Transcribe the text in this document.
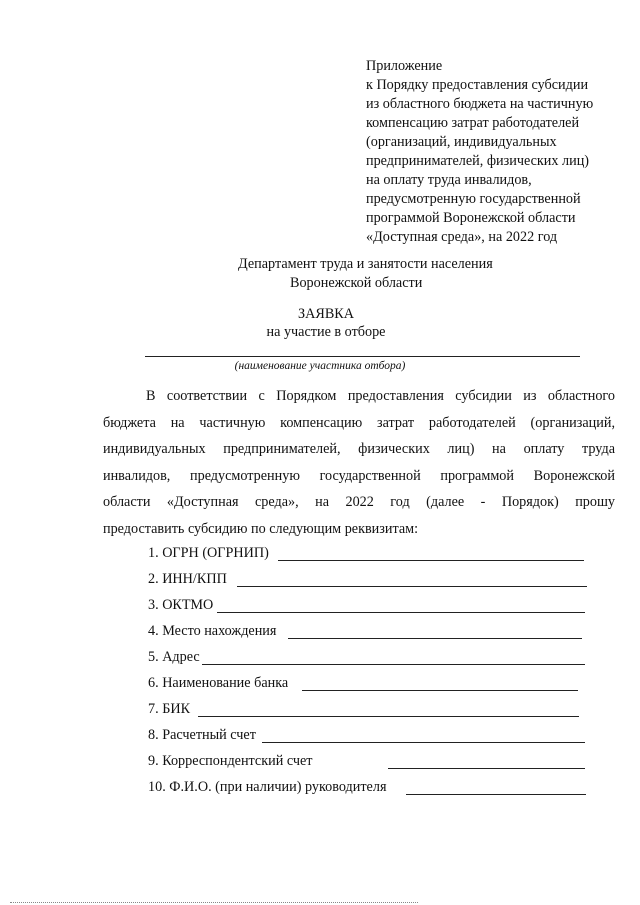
Приложение
к Порядку предоставления субсидии
из областного бюджета на частичную
компенсацию затрат работодателей
(организаций, индивидуальных
предпринимателей, физических лиц)
на оплату труда инвалидов,
предусмотренную государственной
программой Воронежской области
«Доступная среда», на 2022 год
Департамент труда и занятости населения
Воронежской области
ЗАЯВКА
на участие в отборе
(наименование участника отбора)
В соответствии с Порядком предоставления субсидии из областного
бюджета на частичную компенсацию затрат работодателей (организаций,
индивидуальных предпринимателей, физических лиц) на оплату труда
инвалидов, предусмотренную государственной программой Воронежской
области «Доступная среда», на 2022 год (далее - Порядок) прошу
предоставить субсидию по следующим реквизитам:
1. ОГРН (ОГРНИП)
2. ИНН/КПП
3. ОКТМО
4. Место нахождения
5. Адрес
6. Наименование банка
7. БИК
8. Расчетный счет
9. Корреспондентский счет
10. Ф.И.О. (при наличии) руководителя
